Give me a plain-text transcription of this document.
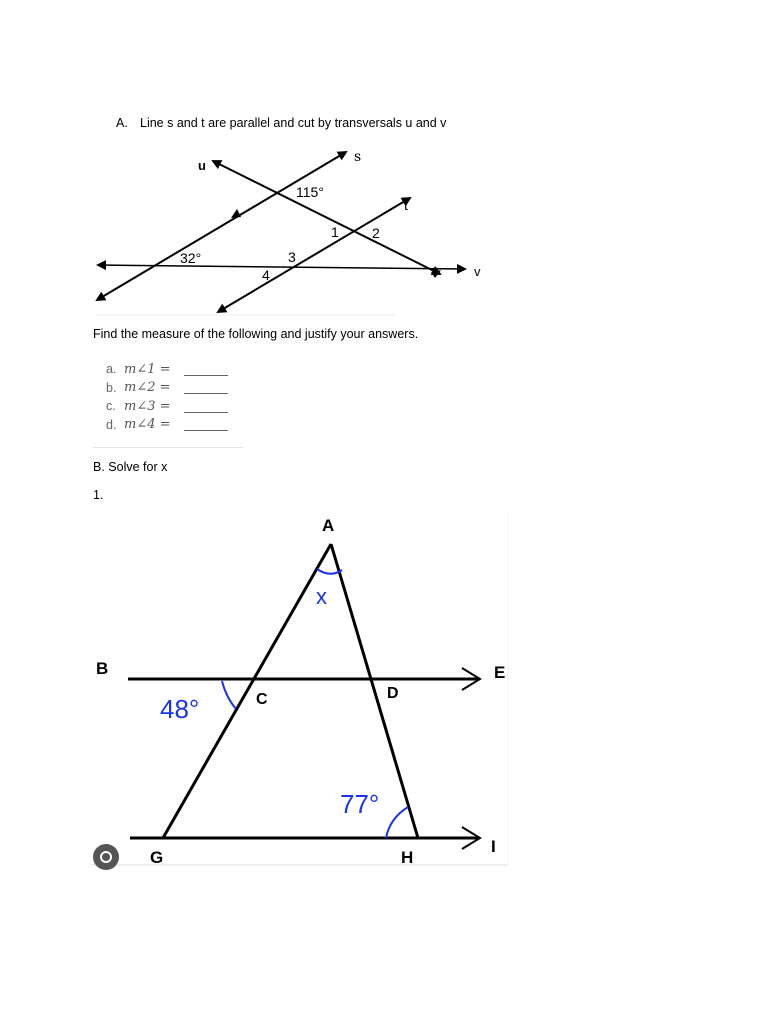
A. Line s and t are parallel and cut by transversals u and v
s
t
u
v
115°
32°
1 2
3
4
Find the measure of the following and justify your answers.
a. m∠1 =
b. m∠2 =
c. m∠3 =
d. m∠4 =
B. Solve for x
1.
A
B
C	D
E
G	H
I
x
48°
77°
